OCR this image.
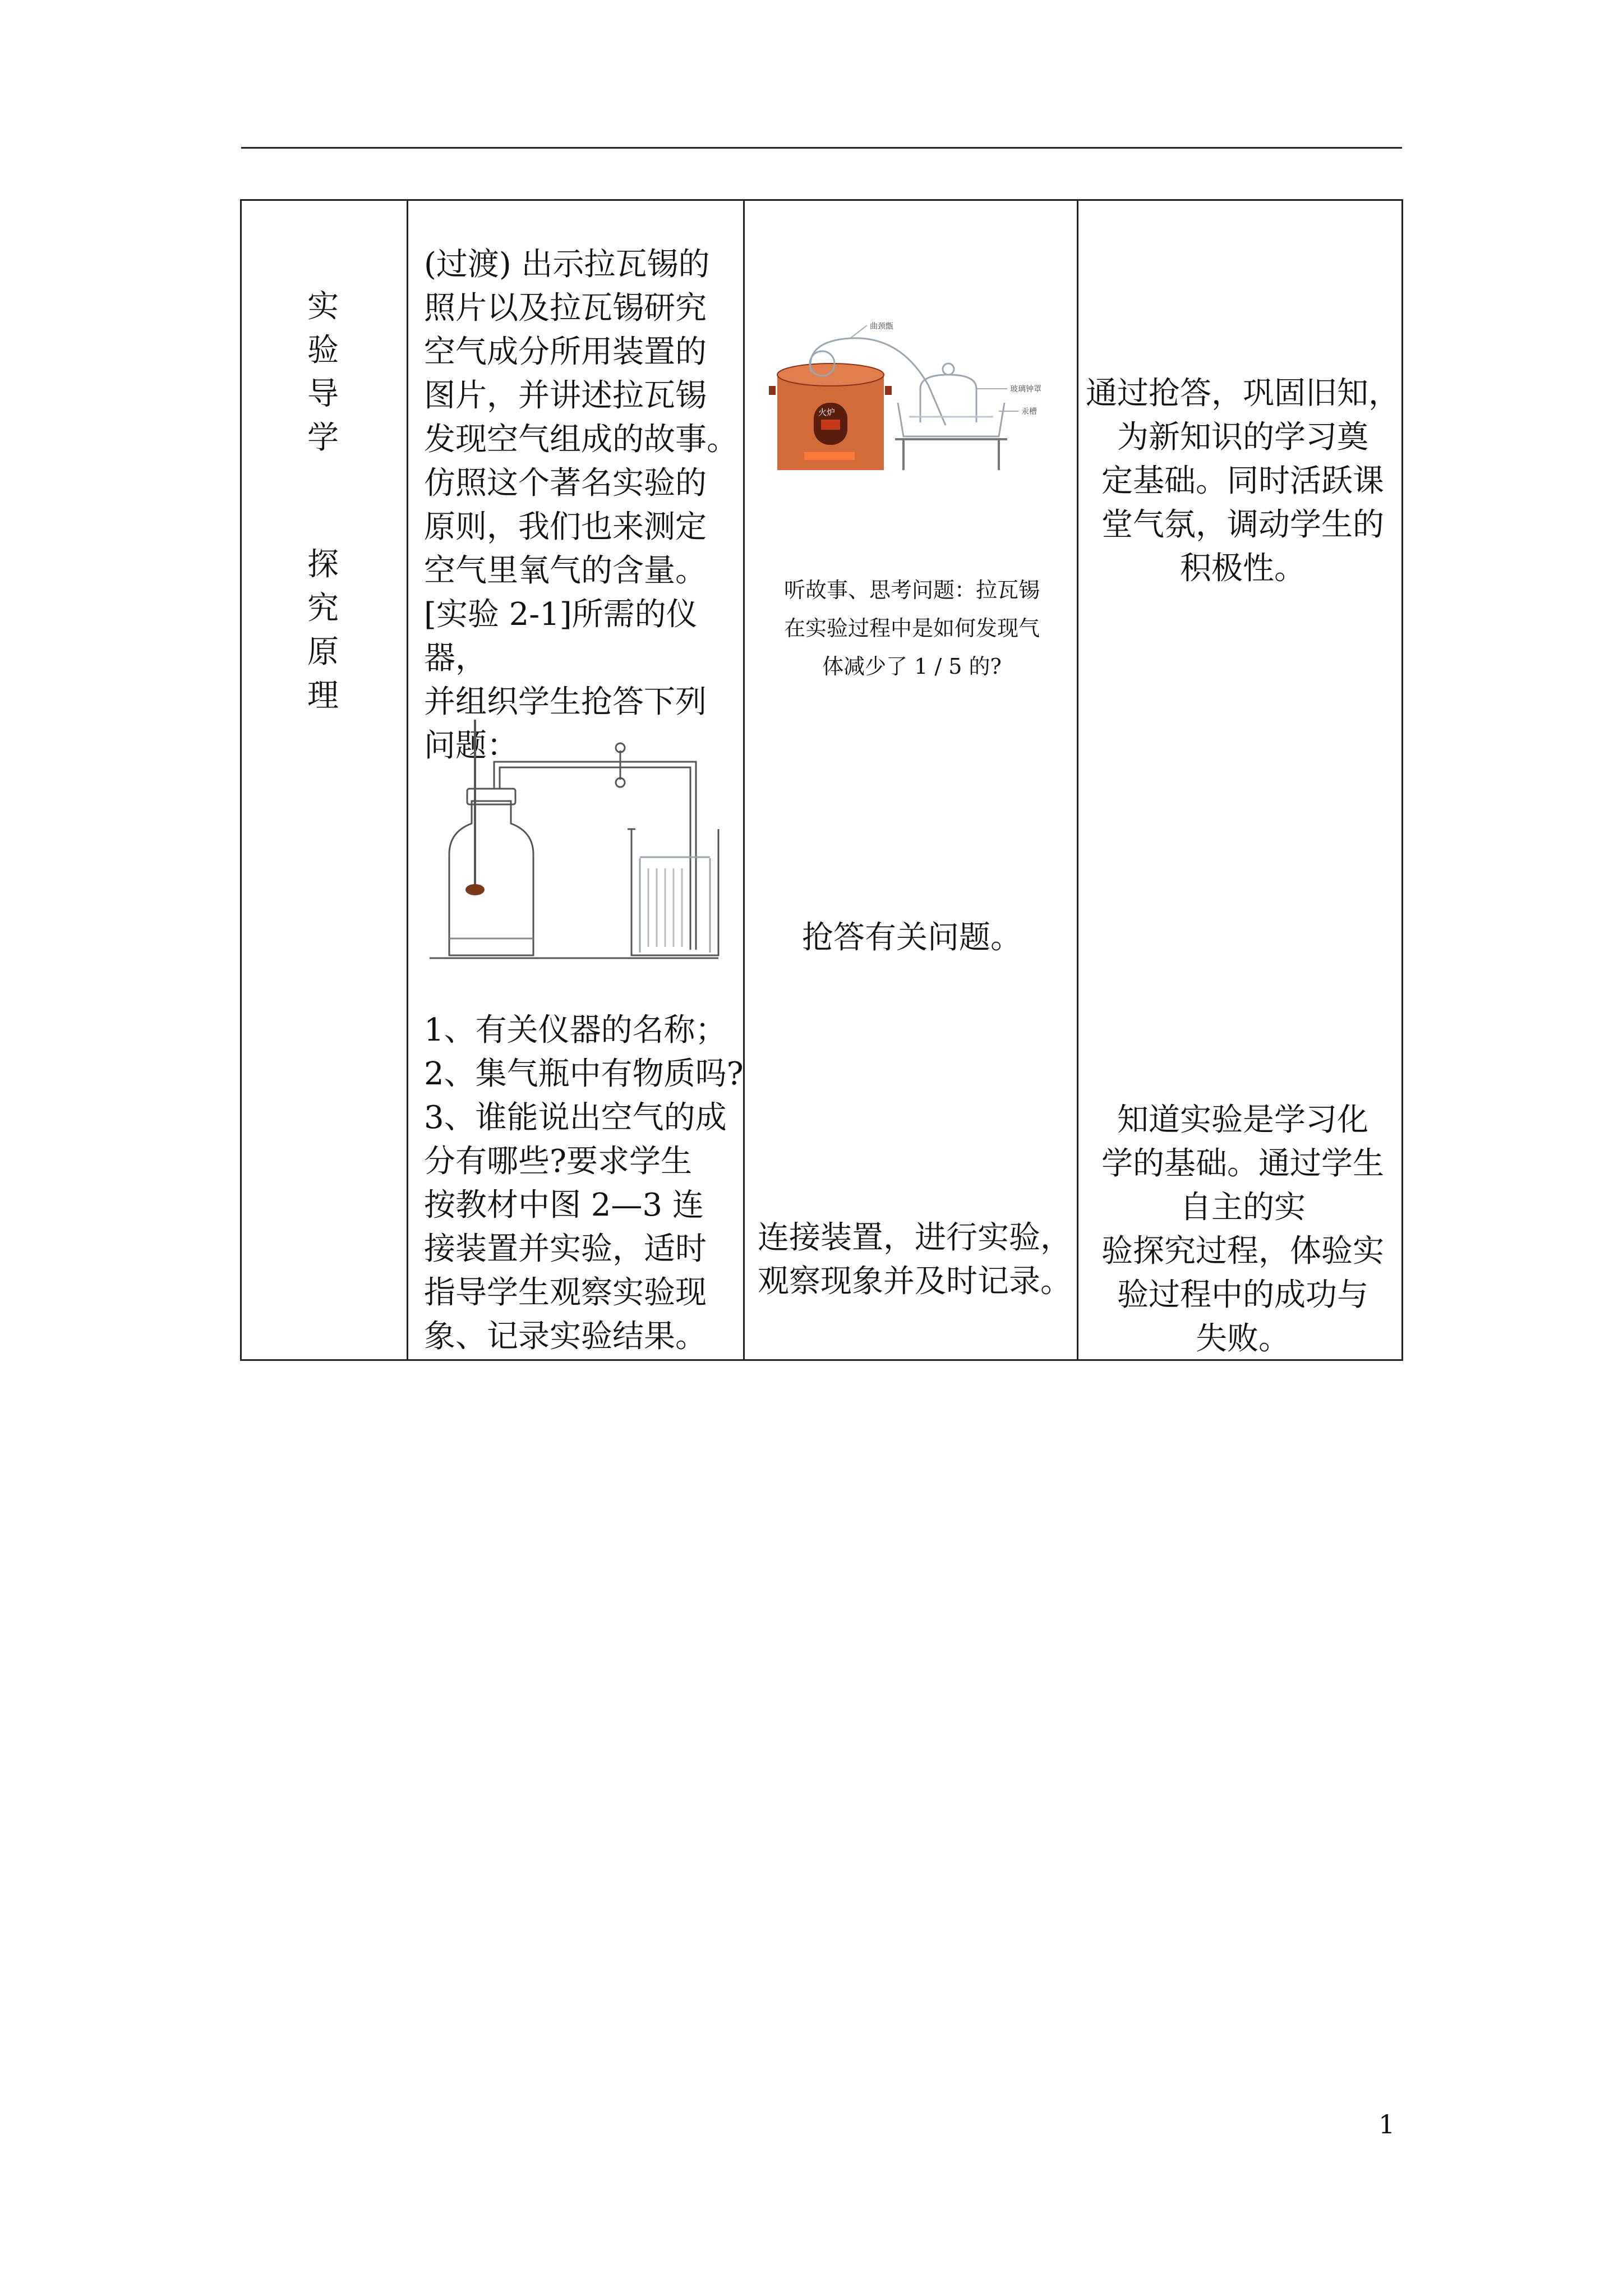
实
验
导
学
探
究
原
理
(过渡) 出示拉瓦锡的
照片以及拉瓦锡研究
空气成分所用装置的
图片，并讲述拉瓦锡
发现空气组成的故事。
仿照这个著名实验的
原则，我们也来测定
空气里氧气的含量。
[实验 2-1]所需的仪器，
并组织学生抢答下列
问题：
1、有关仪器的名称；
2、集气瓶中有物质吗?
3、谁能说出空气的成
分有哪些?要求学生
按教材中图 2—3 连
接装置并实验，适时
指导学生观察实验现
象、记录实验结果。
曲颈甑
玻璃钟罩
汞槽
火炉
听故事、思考问题：拉瓦锡
在实验过程中是如何发现气
体减少了 1 / 5 的?
抢答有关问题。
连接装置，进行实验，
观察现象并及时记录。
通过抢答，巩固旧知，
为新知识的学习奠
定基础。同时活跃课
堂气氛，调动学生的
积极性。
知道实验是学习化
学的基础。通过学生
自主的实
验探究过程，体验实
验过程中的成功与
失败。
1
